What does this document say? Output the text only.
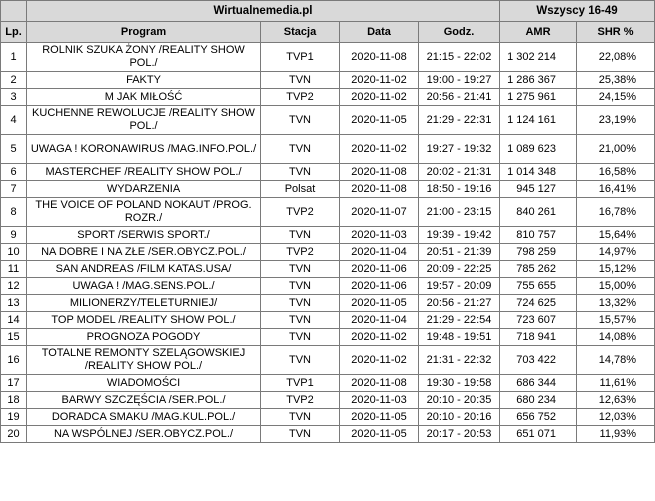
	Wirtualnemedia.pl				Wszyscy 16-49	
Lp.	Program	Stacja	Data	Godz.	AMR	SHR %
1	ROLNIK SZUKA ŻONY /REALITY SHOW POL./	TVP1	2020-11-08	21:15 - 22:02	1 302 214	22,08%
2	FAKTY	TVN	2020-11-02	19:00 - 19:27	1 286 367	25,38%
3	M JAK MIŁOŚĆ	TVP2	2020-11-02	20:56 - 21:41	1 275 961	24,15%
4	KUCHENNE REWOLUCJE /REALITY SHOW POL./	TVN	2020-11-05	21:29 - 22:31	1 124 161	23,19%
5	UWAGA ! KORONAWIRUS /MAG.INFO.POL./	TVN	2020-11-02	19:27 - 19:32	1 089 623	21,00%
6	MASTERCHEF /REALITY SHOW POL./	TVN	2020-11-08	20:02 - 21:31	1 014 348	16,58%
7	WYDARZENIA	Polsat	2020-11-08	18:50 - 19:16	945 127	16,41%
8	THE VOICE OF POLAND NOKAUT /PROG. ROZR./	TVP2	2020-11-07	21:00 - 23:15	840 261	16,78%
9	SPORT /SERWIS SPORT./	TVN	2020-11-03	19:39 - 19:42	810 757	15,64%
10	NA DOBRE I NA ZŁE /SER.OBYCZ.POL./	TVP2	2020-11-04	20:51 - 21:39	798 259	14,97%
11	SAN ANDREAS /FILM KATAS.USA/	TVN	2020-11-06	20:09 - 22:25	785 262	15,12%
12	UWAGA ! /MAG.SENS.POL./	TVN	2020-11-06	19:57 - 20:09	755 655	15,00%
13	MILIONERZY/TELETURNIEJ/	TVN	2020-11-05	20:56 - 21:27	724 625	13,32%
14	TOP MODEL /REALITY SHOW POL./	TVN	2020-11-04	21:29 - 22:54	723 607	15,57%
15	PROGNOZA POGODY	TVN	2020-11-02	19:48 - 19:51	718 941	14,08%
16	TOTALNE REMONTY SZELĄGOWSKIEJ /REALITY SHOW POL./	TVN	2020-11-02	21:31 - 22:32	703 422	14,78%
17	WIADOMOŚCI	TVP1	2020-11-08	19:30 - 19:58	686 344	11,61%
18	BARWY SZCZĘŚCIA /SER.POL./	TVP2	2020-11-03	20:10 - 20:35	680 234	12,63%
19	DORADCA SMAKU /MAG.KUL.POL./	TVN	2020-11-05	20:10 - 20:16	656 752	12,03%
20	NA WSPÓLNEJ /SER.OBYCZ.POL./	TVN	2020-11-05	20:17 - 20:53	651 071	11,93%
